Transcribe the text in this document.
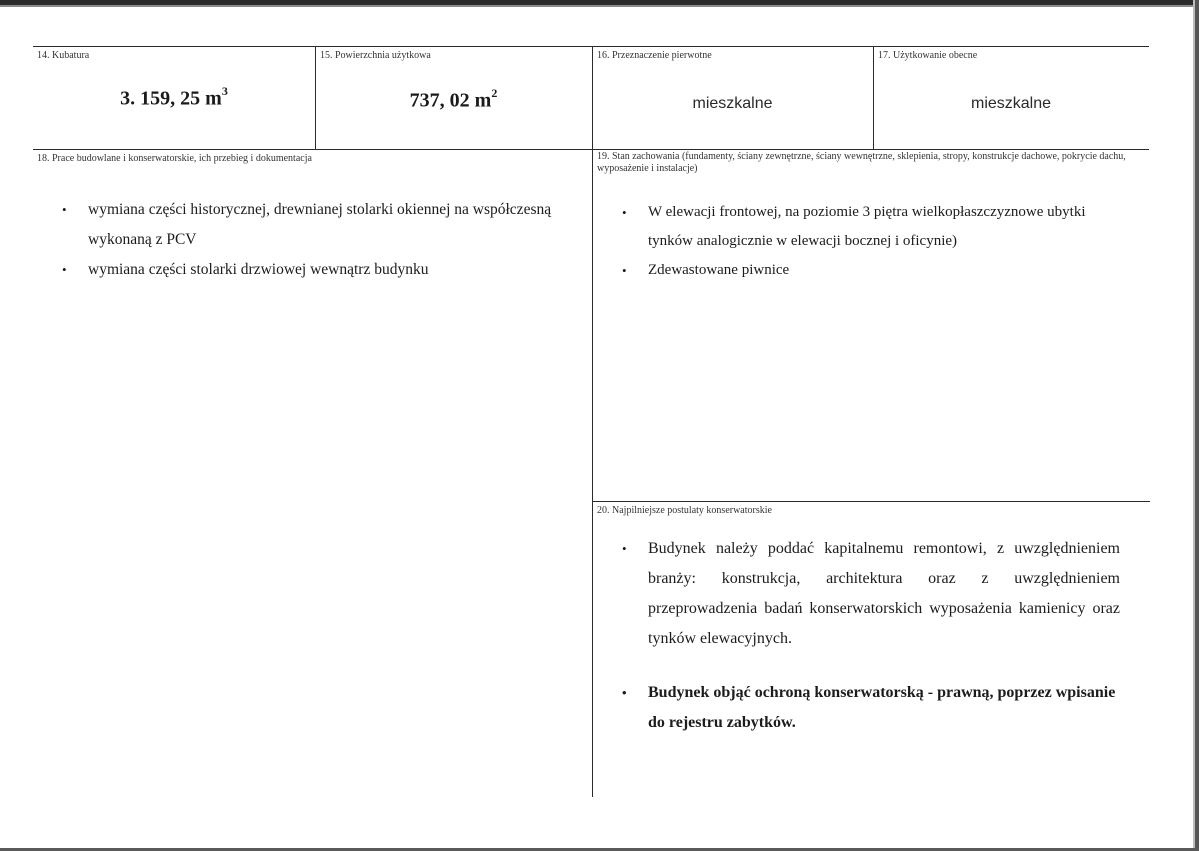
14. Kubatura
3. 159, 25 $m^3$
15. Powierzchnia użytkowa
737, 02 $m^2$
16. Przeznaczenie pierwotne
mieszkalne
17. Użytkowanie obecne
mieszkalne
18. Prace budowlane i konserwatorskie, ich przebieg i dokumentacja
• wymiana części historycznej, drewnianej stolarki okiennej na współczesną wykonaną z PCV
• wymiana części stolarki drzwiowej wewnątrz budynku
19. Stan zachowania (fundamenty, ściany zewnętrzne, ściany wewnętrzne, sklepienia, stropy, konstrukcje dachowe, pokrycie dachu, wyposażenie i instalacje)
• W elewacji frontowej, na poziomie 3 piętra wielkopłaszczyznowe ubytki tynków analogicznie w elewacji bocznej i oficynie)
• Zdewastowane piwnice
20. Najpilniejsze postulaty konserwatorskie
• Budynek należy poddać kapitalnemu remontowi, z uwzględnieniem branży: konstrukcja, architektura oraz z uwzględnieniem przeprowadzenia badań konserwatorskich wyposażenia kamienicy oraz tynków elewacyjnych.
• Budynek objąć ochroną konserwatorską - prawną, poprzez wpisanie do rejestru zabytków.
